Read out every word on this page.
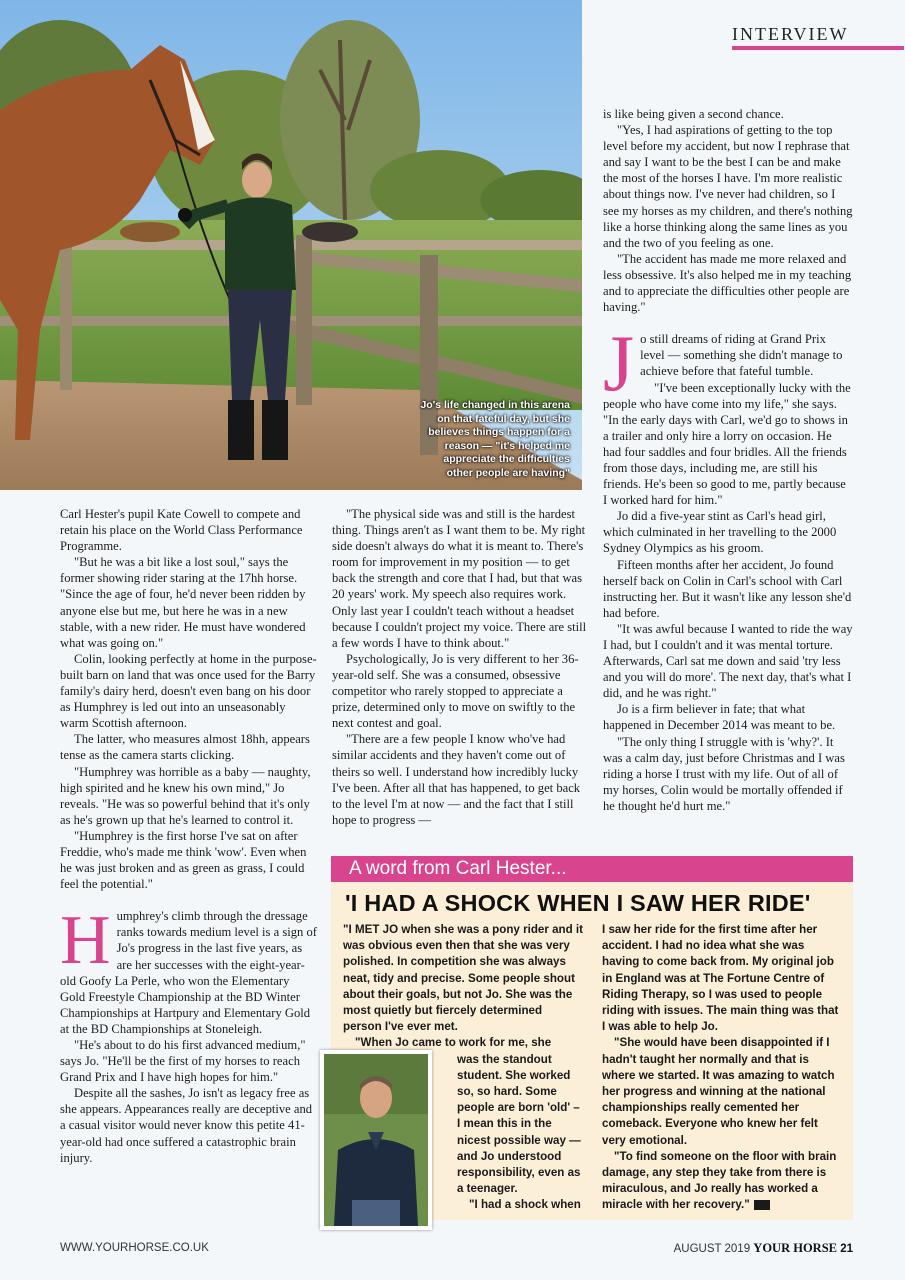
INTERVIEW
Jo's life changed in this arena on that fateful day, but she believes things happen for a reason — "it's helped me appreciate the difficulties other people are having"

Carl Hester's pupil Kate Cowell to compete and retain his place on the World Class Performance Programme.

"But he was a bit like a lost soul," says the former showing rider staring at the 17hh horse. "Since the age of four, he'd never been ridden by anyone else but me, but here he was in a new stable, with a new rider. He must have wondered what was going on."

Colin, looking perfectly at home in the purpose-built barn on land that was once used for the Barry family's dairy herd, doesn't even bang on his door as Humphrey is led out into an unseasonably warm Scottish afternoon.

The latter, who measures almost 18hh, appears tense as the camera starts clicking.

"Humphrey was horrible as a baby — naughty, high spirited and he knew his own mind," Jo reveals. "He was so powerful behind that it's only as he's grown up that he's learned to control it.

"Humphrey is the first horse I've sat on after Freddie, who's made me think 'wow'. Even when he was just broken and as green as grass, I could feel the potential."

Humphrey's climb through the dressage ranks towards medium level is a sign of Jo's progress in the last five years, as are her successes with the eight-year-old Goofy La Perle, who won the Elementary Gold Freestyle Championship at the BD Winter Championships at Hartpury and Elementary Gold at the BD Championships at Stoneleigh.

"He's about to do his first advanced medium," says Jo. "He'll be the first of my horses to reach Grand Prix and I have high hopes for him."

Despite all the sashes, Jo isn't as legacy free as she appears. Appearances really are deceptive and a casual visitor would never know this petite 41-year-old had once suffered a catastrophic brain injury.

"The physical side was and still is the hardest thing. Things aren't as I want them to be. My right side doesn't always do what it is meant to. There's room for improvement in my position — to get back the strength and core that I had, but that was 20 years' work. My speech also requires work. Only last year I couldn't teach without a headset because I couldn't project my voice. There are still a few words I have to think about."

Psychologically, Jo is very different to her 36-year-old self. She was a consumed, obsessive competitor who rarely stopped to appreciate a prize, determined only to move on swiftly to the next contest and goal.

"There are a few people I know who've had similar accidents and they haven't come out of theirs so well. I understand how incredibly lucky I've been. After all that has happened, to get back to the level I'm at now — and the fact that I still hope to progress —

is like being given a second chance.

"Yes, I had aspirations of getting to the top level before my accident, but now I rephrase that and say I want to be the best I can be and make the most of the horses I have. I'm more realistic about things now. I've never had children, so I see my horses as my children, and there's nothing like a horse thinking along the same lines as you and the two of you feeling as one.

"The accident has made me more relaxed and less obsessive. It's also helped me in my teaching and to appreciate the difficulties other people are having."

Jo still dreams of riding at Grand Prix level — something she didn't manage to achieve before that fateful tumble.

"I've been exceptionally lucky with the people who have come into my life," she says. "In the early days with Carl, we'd go to shows in a trailer and only hire a lorry on occasion. He had four saddles and four bridles. All the friends from those days, including me, are still his friends. He's been so good to me, partly because I worked hard for him."

Jo did a five-year stint as Carl's head girl, which culminated in her travelling to the 2000 Sydney Olympics as his groom.

Fifteen months after her accident, Jo found herself back on Colin in Carl's school with Carl instructing her. But it wasn't like any lesson she'd had before.

"It was awful because I wanted to ride the way I had, but I couldn't and it was mental torture. Afterwards, Carl sat me down and said 'try less and you will do more'. The next day, that's what I did, and he was right."

Jo is a firm believer in fate; that what happened in December 2014 was meant to be.

"The only thing I struggle with is 'why?'. It was a calm day, just before Christmas and I was riding a horse I trust with my life. Out of all of my horses, Colin would be mortally offended if he thought he'd hurt me."

A word from Carl Hester...
'I HAD A SHOCK WHEN I SAW HER RIDE'

"I MET JO when she was a pony rider and it was obvious even then that she was very polished. In competition she was always neat, tidy and precise. Some people shout about their goals, but not Jo. She was the most quietly but fiercely determined person I've ever met.

"When Jo came to work for me, she

was the standout student. She worked so, so hard. Some people are born 'old' – I mean this in the nicest possible way — and Jo understood responsibility, even as a teenager.

"I had a shock when

I saw her ride for the first time after her accident. I had no idea what she was having to come back from. My original job in England was at The Fortune Centre of Riding Therapy, so I was used to people riding with issues. The main thing was that I was able to help Jo.

"She would have been disappointed if I hadn't taught her normally and that is where we started. It was amazing to watch her progress and winning at the national championships really cemented her comeback. Everyone who knew her felt very emotional.

"To find someone on the floor with brain damage, any step they take from there is miraculous, and Jo really has worked a miracle with her recovery."

WWW.YOURHORSE.CO.UK	AUGUST 2019 YOUR HORSE 21
